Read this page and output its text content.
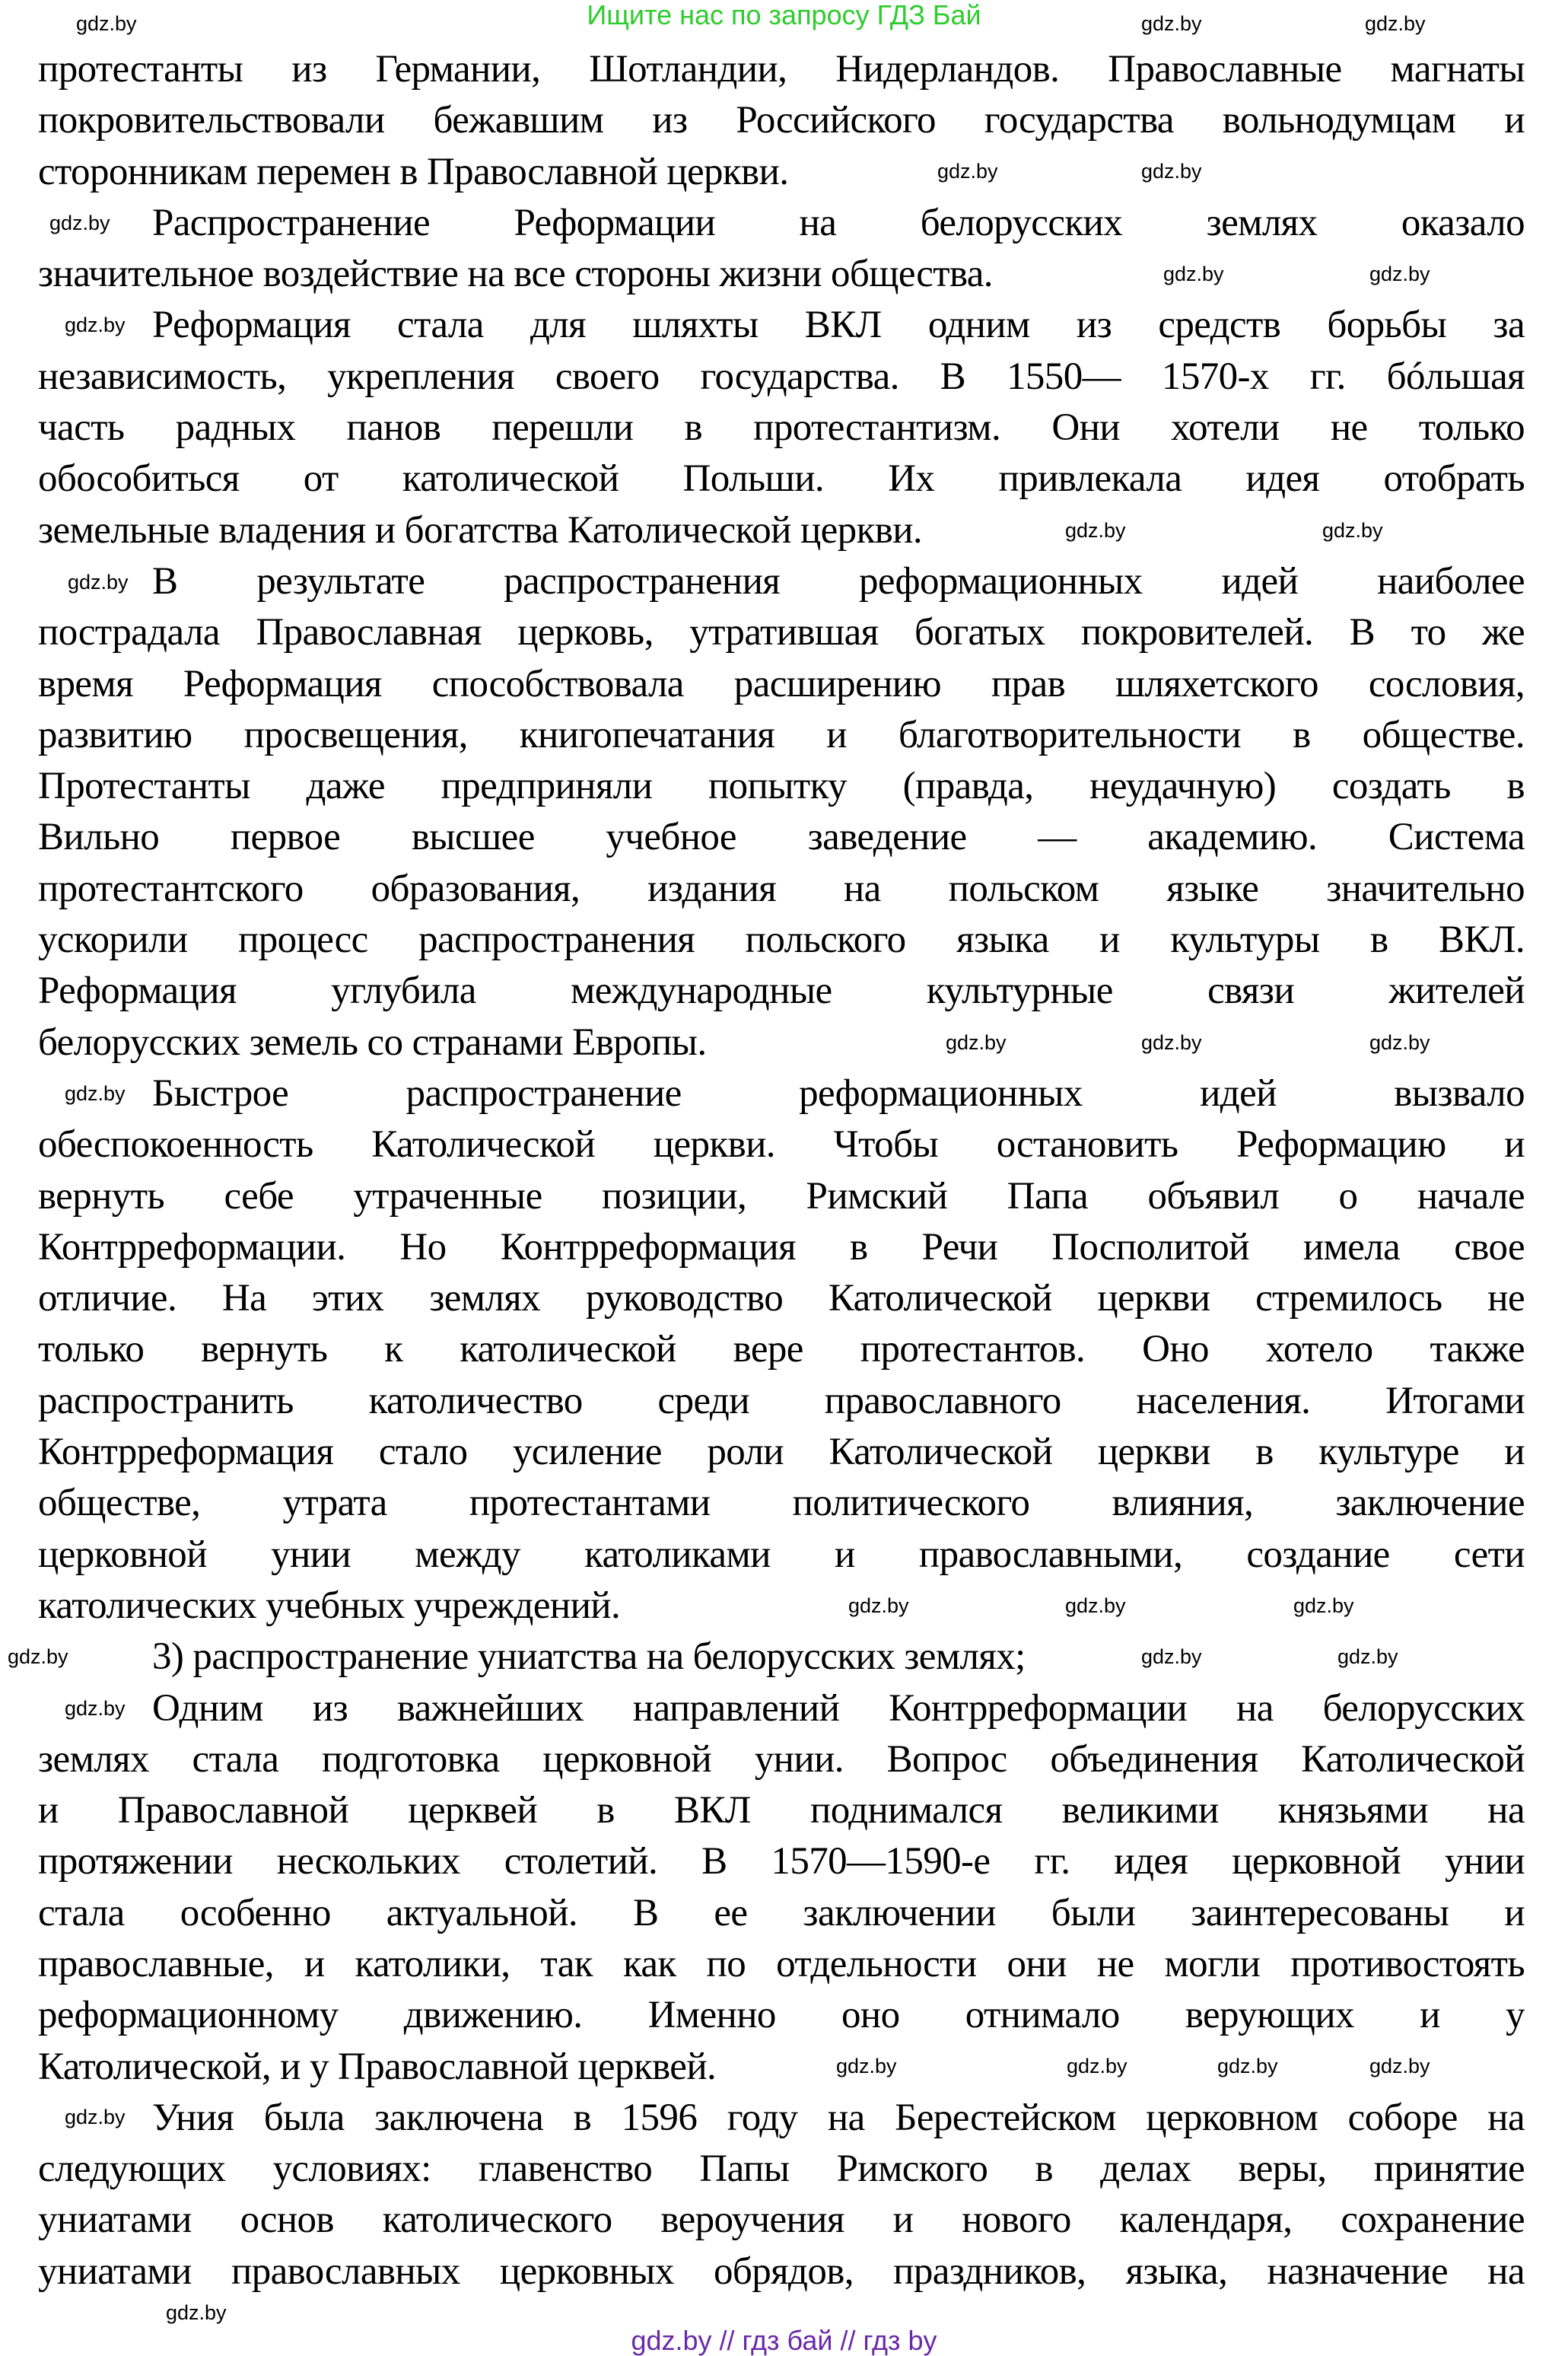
Ищите нас по запросу ГДЗ Бай
протестанты из Германии, Шотландии, Нидерландов. Православные магнаты
покровительствовали бежавшим из Российского государства вольнодумцам и
сторонникам перемен в Православной церкви.
Распространение Реформации на белорусских землях оказало
значительное воздействие на все стороны жизни общества.
Реформация стала для шляхты ВКЛ одним из средств борьбы за
независимость, укрепления своего государства. В 1550— 1570-х гг. бóльшая
часть радных панов перешли в протестантизм. Они хотели не только
обособиться от католической Польши. Их привлекала идея отобрать
земельные владения и богатства Католической церкви.
В результате распространения реформационных идей наиболее
пострадала Православная церковь, утратившая богатых покровителей. В то же
время Реформация способствовала расширению прав шляхетского сословия,
развитию просвещения, книгопечатания и благотворительности в обществе.
Протестанты даже предприняли попытку (правда, неудачную) создать в
Вильно первое высшее учебное заведение — академию. Система
протестантского образования, издания на польском языке значительно
ускорили процесс распространения польского языка и культуры в ВКЛ.
Реформация углубила международные культурные связи жителей
белорусских земель со странами Европы.
Быстрое распространение реформационных идей вызвало
обеспокоенность Католической церкви. Чтобы остановить Реформацию и
вернуть себе утраченные позиции, Римский Папа объявил о начале
Контрреформации. Но Контрреформация в Речи Посполитой имела свое
отличие. На этих землях руководство Католической церкви стремилось не
только вернуть к католической вере протестантов. Оно хотело также
распространить католичество среди православного населения. Итогами
Контрреформация стало усиление роли Католической церкви в культуре и
обществе, утрата протестантами политического влияния, заключение
церковной унии между католиками и православными, создание сети
католических учебных учреждений.
3) распространение униатства на белорусских землях;
Одним из важнейших направлений Контрреформации на белорусских
землях стала подготовка церковной унии. Вопрос объединения Католической
и Православной церквей в ВКЛ поднимался великими князьями на
протяжении нескольких столетий. В 1570—1590-е гг. идея церковной унии
стала особенно актуальной. В ее заключении были заинтересованы и
православные, и католики, так как по отдельности они не могли противостоять
реформационному движению. Именно оно отнимало верующих и у
Католической, и у Православной церквей.
Уния была заключена в 1596 году на Берестейском церковном соборе на
следующих условиях: главенство Папы Римского в делах веры, принятие
униатами основ католического вероучения и нового календаря, сохранение
униатами православных церковных обрядов, праздников, языка, назначение на
gdz.by
gdz.by	gdz.by
gdz.by	gdz.by
gdz.by
gdz.by
gdz.by	gdz.by
gdz.by	gdz.by
gdz.by
gdz.by	gdz.by	gdz.by
gdz.by
gdz.by	gdz.by	gdz.by
gdz.by	gdz.by	gdz.by
gdz.by
gdz.by	gdz.by	gdz.by	gdz.by
gdz.by
gdz.by
gdz.by // гдз бай // гдз by
